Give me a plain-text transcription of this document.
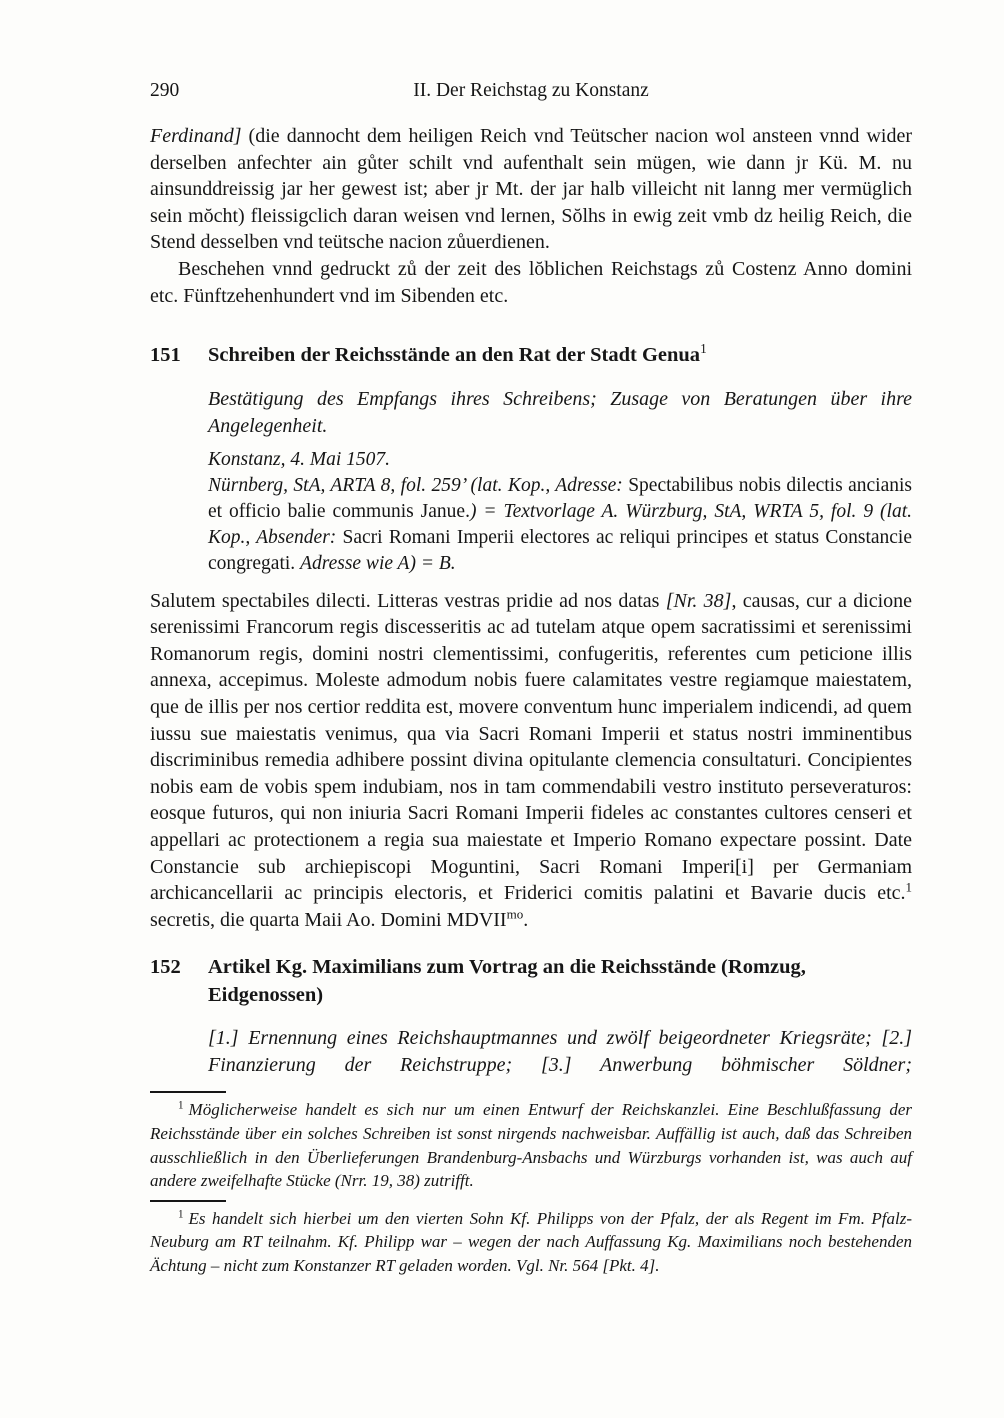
290	II. Der Reichstag zu Konstanz

Ferdinand] (die dannocht dem heiligen Reich vnd Teütscher nacion wol ansteen vnnd wider derselben anfechter ain gůter schilt vnd aufenthalt sein mügen, wie dann jr Kü. M. nu ainsunddreissig jar her gewest ist; aber jr Mt. der jar halb villeicht nit lanng mer vermüglich sein mŏcht) fleissigclich daran weisen vnd lernen, Sŏlhs in ewig zeit vmb dz heilig Reich, die Stend desselben vnd teütsche nacion zůuerdienen.

Beschehen vnnd gedruckt zů der zeit des lŏblichen Reichstags zů Costenz Anno domini etc. Fünftzehenhundert vnd im Sibenden etc.

151	Schreiben der Reichsstände an den Rat der Stadt Genua$^1$

Bestätigung des Empfangs ihres Schreibens; Zusage von Beratungen über ihre Angelegenheit.

Konstanz, 4. Mai 1507.

Nürnberg, StA, ARTA 8, fol. 259’ (lat. Kop., Adresse: Spectabilibus nobis dilectis ancianis et officio balie communis Janue.) = Textvorlage A. Würzburg, StA, WRTA 5, fol. 9 (lat. Kop., Absender: Sacri Romani Imperii electores ac reliqui principes et status Constancie congregati. Adresse wie A) = B.

Salutem spectabiles dilecti. Litteras vestras pridie ad nos datas [Nr. 38], causas, cur a dicione serenissimi Francorum regis discesseritis ac ad tutelam atque opem sacratissimi et serenissimi Romanorum regis, domini nostri clementissimi, confugeritis, referentes cum peticione illis annexa, accepimus. Moleste admodum nobis fuere calamitates vestre regiamque maiestatem, que de illis per nos certior reddita est, movere conventum hunc imperialem indicendi, ad quem iussu sue maiestatis venimus, qua via Sacri Romani Imperii et status nostri imminentibus discriminibus remedia adhibere possint divina opitulante clemencia consultaturi. Concipientes nobis eam de vobis spem indubiam, nos in tam commendabili vestro instituto perseveraturos: eosque futuros, qui non iniuria Sacri Romani Imperii fideles ac constantes cultores censeri et appellari ac protectionem a regia sua maiestate et Imperio Romano expectare possint. Date Constancie sub archiepiscopi Moguntini, Sacri Romani Imperi[i] per Germaniam archicancellarii ac principis electoris, et Friderici comitis palatini et Bavarie ducis etc.$^1$ secretis, die quarta Maii Ao. Domini MDVII$^{mo}$.

152	Artikel Kg. Maximilians zum Vortrag an die Reichsstände (Romzug, Eidgenossen)

[1.] Ernennung eines Reichshauptmannes und zwölf beigeordneter Kriegsräte; [2.] Finanzierung der Reichstruppe; [3.] Anwerbung böhmischer Söldner;

$^1$ Möglicherweise handelt es sich nur um einen Entwurf der Reichskanzlei. Eine Beschlußfassung der Reichsstände über ein solches Schreiben ist sonst nirgends nachweisbar. Auffällig ist auch, daß das Schreiben ausschließlich in den Überlieferungen Brandenburg-Ansbachs und Würzburgs vorhanden ist, was auch auf andere zweifelhafte Stücke (Nrr. 19, 38) zutrifft.

$^1$ Es handelt sich hierbei um den vierten Sohn Kf. Philipps von der Pfalz, der als Regent im Fm. Pfalz-Neuburg am RT teilnahm. Kf. Philipp war – wegen der nach Auffassung Kg. Maximilians noch bestehenden Ächtung – nicht zum Konstanzer RT geladen worden. Vgl. Nr. 564 [Pkt. 4].
